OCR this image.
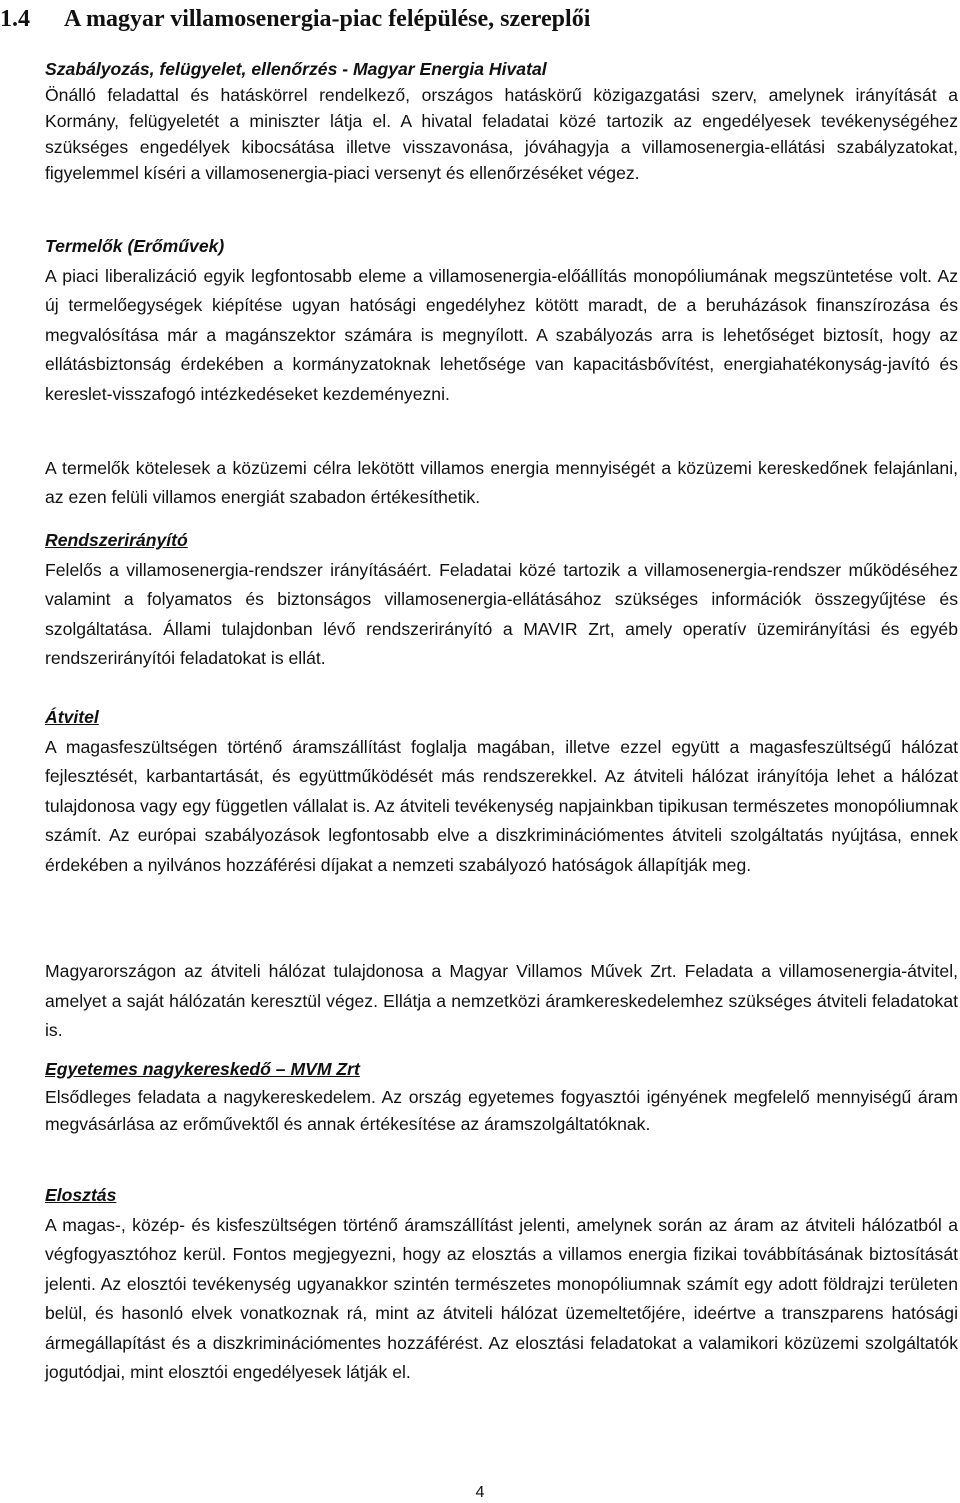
1.4 A magyar villamosenergia-piac felépülése, szereplői

Szabályozás, felügyelet, ellenőrzés - Magyar Energia Hivatal

Önálló feladattal és hatáskörrel rendelkező, országos hatáskörű közigazgatási szerv, amelynek irányítását a Kormány, felügyeletét a miniszter látja el. A hivatal feladatai közé tartozik az engedélyesek tevékenységéhez szükséges engedélyek kibocsátása illetve visszavonása, jóváhagyja a villamosenergia-ellátási szabályzatokat, figyelemmel kíséri a villamosenergia-piaci versenyt és ellenőrzéséket végez.

Termelők (Erőművek)

A piaci liberalizáció egyik legfontosabb eleme a villamosenergia-előállítás monopóliumának megszüntetése volt. Az új termelőegységek kiépítése ugyan hatósági engedélyhez kötött maradt, de a beruházások finanszírozása és megvalósítása már a magánszektor számára is megnyílott. A szabályozás arra is lehetőséget biztosít, hogy az ellátásbiztonság érdekében a kormányzatoknak lehetősége van kapacitásbővítést, energiahatékonyság-javító és kereslet-visszafogó intézkedéseket kezdeményezni.

A termelők kötelesek a közüzemi célra lekötött villamos energia mennyiségét a közüzemi kereskedőnek felajánlani, az ezen felüli villamos energiát szabadon értékesíthetik.

Rendszerirányító

Felelős a villamosenergia-rendszer irányításáért. Feladatai közé tartozik a villamosenergia-rendszer működéséhez valamint a folyamatos és biztonságos villamosenergia-ellátásához szükséges információk összegyűjtése és szolgáltatása. Állami tulajdonban lévő rendszerirányító a MAVIR Zrt, amely operatív üzemirányítási és egyéb rendszerirányítói feladatokat is ellát.

Átvitel

A magasfeszültségen történő áramszállítást foglalja magában, illetve ezzel együtt a magasfeszültségű hálózat fejlesztését, karbantartását, és együttműködését más rendszerekkel. Az átviteli hálózat irányítója lehet a hálózat tulajdonosa vagy egy független vállalat is. Az átviteli tevékenység napjainkban tipikusan természetes monopóliumnak számít. Az európai szabályozások legfontosabb elve a diszkriminációmentes átviteli szolgáltatás nyújtása, ennek érdekében a nyilvános hozzáférési díjakat a nemzeti szabályozó hatóságok állapítják meg.

Magyarországon az átviteli hálózat tulajdonosa a Magyar Villamos Művek Zrt. Feladata a villamosenergia-átvitel, amelyet a saját hálózatán keresztül végez. Ellátja a nemzetközi áramkereskedelemhez szükséges átviteli feladatokat is.

Egyetemes nagykereskedő – MVM Zrt

Elsődleges feladata a nagykereskedelem. Az ország egyetemes fogyasztói igényének megfelelő mennyiségű áram megvásárlása az erőművektől és annak értékesítése az áramszolgáltatóknak.

Elosztás

A magas-, közép- és kisfeszültségen történő áramszállítást jelenti, amelynek során az áram az átviteli hálózatból a végfogyasztóhoz kerül. Fontos megjegyezni, hogy az elosztás a villamos energia fizikai továbbításának biztosítását jelenti. Az elosztói tevékenység ugyanakkor szintén természetes monopóliumnak számít egy adott földrajzi területen belül, és hasonló elvek vonatkoznak rá, mint az átviteli hálózat üzemeltetőjére, ideértve a transzparens hatósági ármegállapítást és a diszkriminációmentes hozzáférést. Az elosztási feladatokat a valamikori közüzemi szolgáltatók jogutódjai, mint elosztói engedélyesek látják el.

4
